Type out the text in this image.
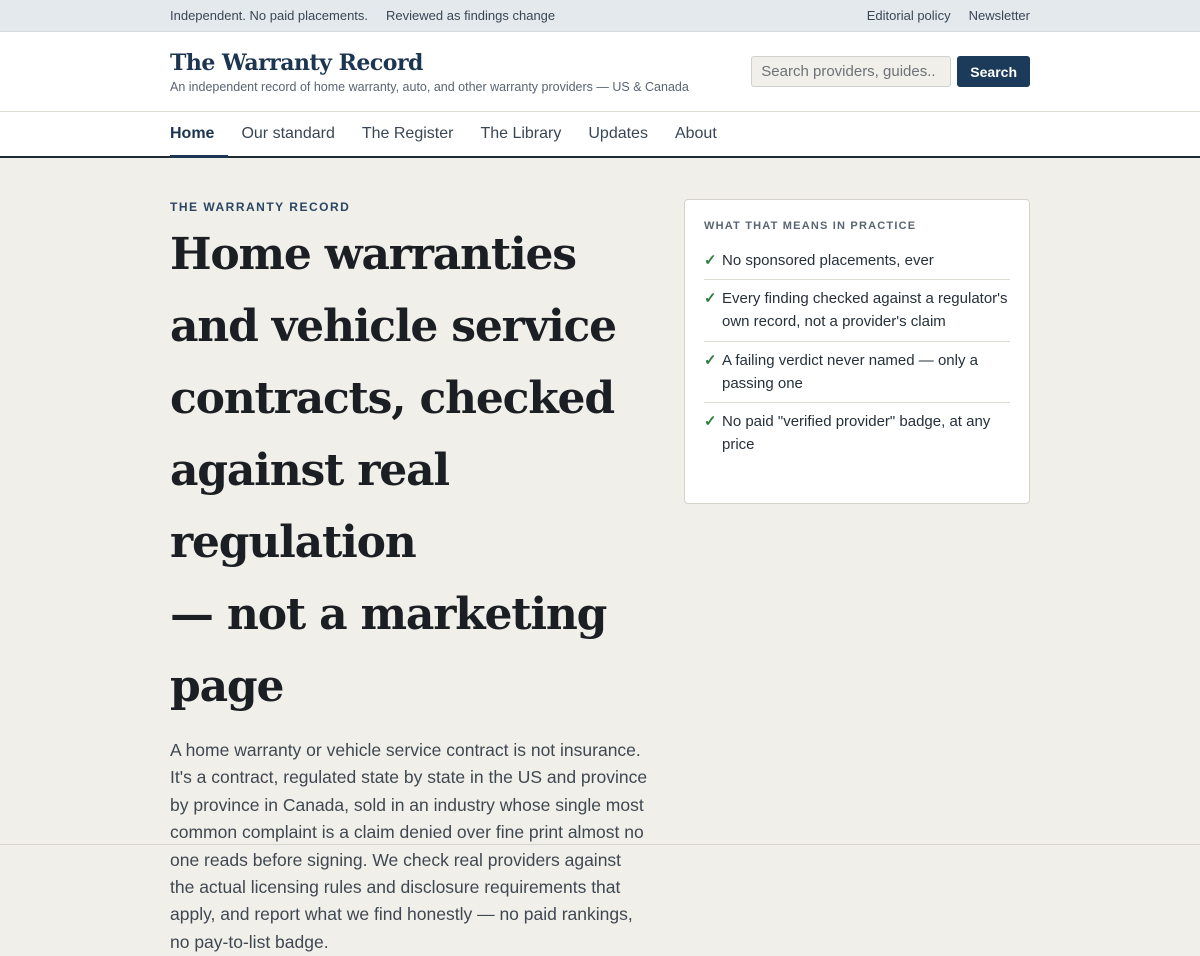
Independent. No paid placements. Reviewed as findings change	Editorial policy Newsletter
The Warranty Record
An independent record of home warranty, auto, and other warranty providers — US & Canada
Search providers, guides..
Search
Home	Our standard The Register The Library Updates About
THE WARRANTY RECORD
Home warranties
and vehicle service
contracts, checked
against real regulation
— not a marketing page

A home warranty or vehicle service contract is not insurance. It's a contract, regulated state by state in the US and province by province in Canada, sold in an industry whose single most common complaint is a claim denied over fine print almost no one reads before signing. We check real providers against the actual licensing rules and disclosure requirements that apply, and report what we find honestly — no paid rankings, no pay-to-list badge.

WHAT THAT MEANS IN PRACTICE
✓ No sponsored placements, ever
✓ Every finding checked against a regulator's own record, not a provider's claim
✓ A failing verdict never named — only a passing one
✓ No paid "verified provider" badge, at any price
